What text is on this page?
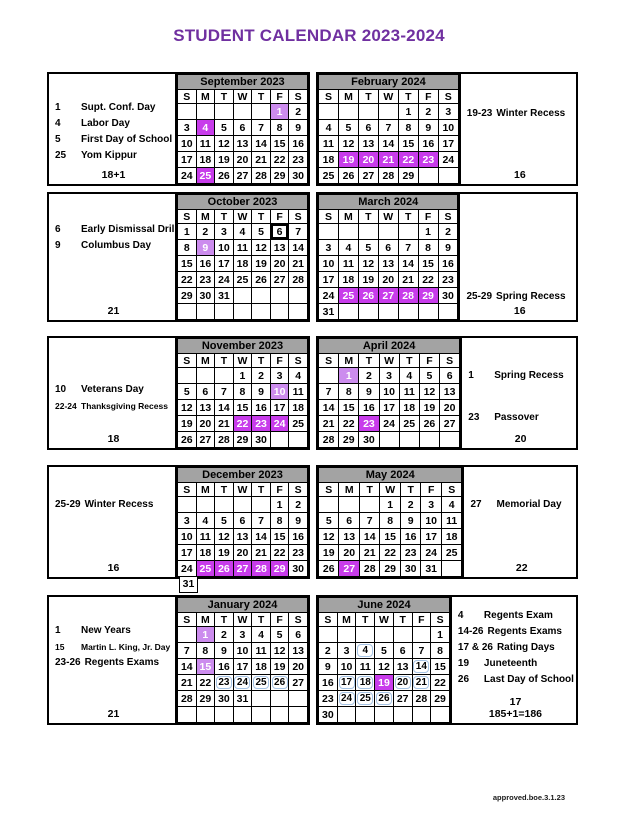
STUDENT CALENDAR 2023-2024
1	Supt. Conf. Day
4	Labor Day
5	First Day of School
25	Yom Kippur
18+1
September 2023						
S	M	T	W	T	F	S
					1	2
3	4	5	6	7	8	9
10	11	12	13	14	15	16
17	18	19	20	21	22	23
24	25	26	27	28	29	30
February 2024						
S	M	T	W	T	F	S
				1	2	3
4	5	6	7	8	9	10
11	12	13	14	15	16	17
18	19	20	21	22	23	24
25	26	27	28	29		
19-23 Winter Recess
16
6	Early Dismissal Drill
9	Columbus Day
21
October 2023						
S	M	T	W	T	F	S
1	2	3	4	5	6	7
8	9	10	11	12	13	14
15	16	17	18	19	20	21
22	23	24	25	26	27	28
29	30	31				

March 2024						
S	M	T	W	T	F	S
					1	2
3	4	5	6	7	8	9
10	11	12	13	14	15	16
17	18	19	20	21	22	23
24	25	26	27	28	29	30
31						
25-29 Spring Recess
16
10	Veterans Day
22-24 Thanksgiving Recess
18
November 2023						
S	M	T	W	T	F	S
			1	2	3	4
5	6	7	8	9	10	11
12	13	14	15	16	17	18
19	20	21	22	23	24	25
26	27	28	29	30		
April 2024						
S	M	T	W	T	F	S
	1	2	3	4	5	6
7	8	9	10	11	12	13
14	15	16	17	18	19	20
21	22	23	24	25	26	27
28	29	30				
1	Spring Recess
23	Passover
20
25-29 Winter Recess
16
December 2023						
S	M	T	W	T	F	S
					1	2
3	4	5	6	7	8	9
10	11	12	13	14	15	16
17	18	19	20	21	22	23
24	25	26	27	28	29	30
31
May 2024						
S	M	T	W	T	F	S
			1	2	3	4
5	6	7	8	9	10	11
12	13	14	15	16	17	18
19	20	21	22	23	24	25
26	27	28	29	30	31	
27	Memorial Day
22
1	New Years
15	Martin L. King, Jr. Day
23-26 Regents Exams
21
January 2024						
S	M	T	W	T	F	S
	1	2	3	4	5	6
7	8	9	10	11	12	13
14	15	16	17	18	19	20
21	22	23	24	25	26	27
28	29	30	31			

June 2024						
S	M	T	W	T	F	S
						1
2	3	4	5	6	7	8
9	10	11	12	13	14	15
16	17	18	19	20	21	22
23	24	25	26	27	28	29
30						
4	Regents Exam
14-26 Regents Exams
17 & 26 Rating Days
19	Juneteenth
26	Last Day of School
17
185+1=186
approved.boe.3.1.23
